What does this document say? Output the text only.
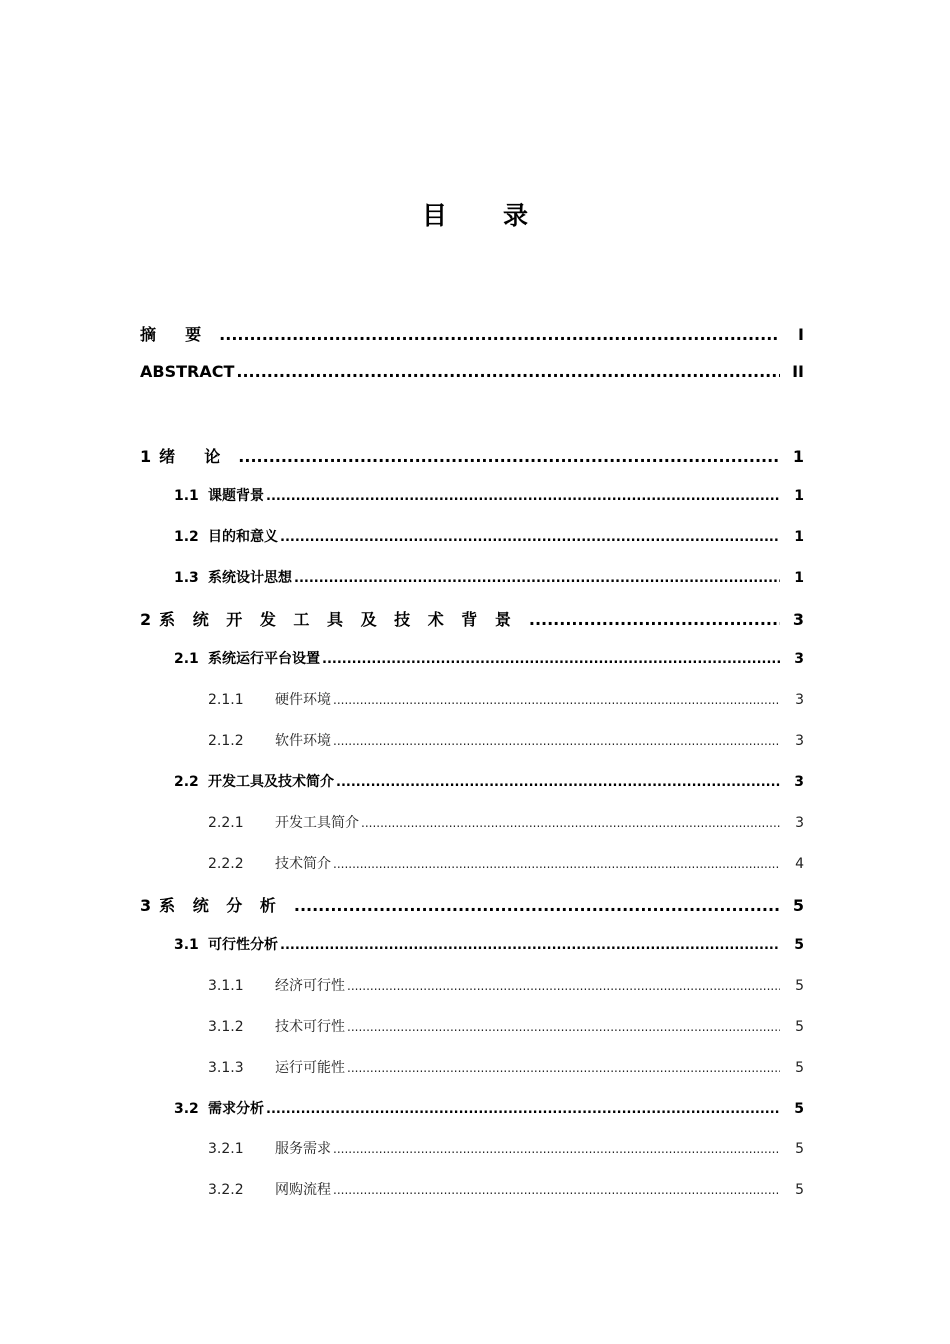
目 录
摘  要 .....	I
ABSTRACT .....	II
1 绪  论 .....	1
1.1 课题背景 .....	1
1.2 目的和意义 .....	1
1.3 系统设计思想 .....	1
2 系 统 开 发 工 具 及 技 术 背 景 .....	3
2.1 系统运行平台设置 .....	3
2.1.1	硬件环境 .....	3
2.1.2	软件环境 .....	3
2.2 开发工具及技术简介 .....	3
2.2.1	开发工具简介 .....	3
2.2.2	技术简介 .....	4
3 系 统 分 析 .....	5
3.1 可行性分析 .....	5
3.1.1	经济可行性 .....	5
3.1.2	技术可行性 .....	5
3.1.3	运行可能性 .....	5
3.2 需求分析 .....	5
3.2.1	服务需求 .....	5
3.2.2	网购流程 .....	5
